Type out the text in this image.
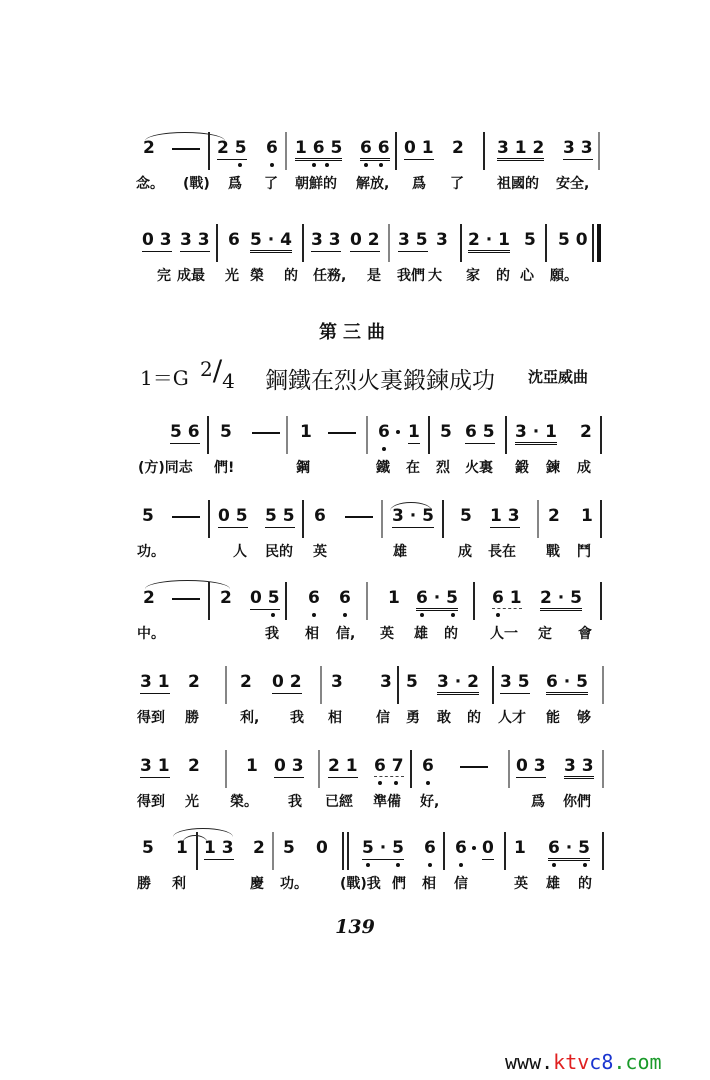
2	2 5 6 1 6 5 6 6 0 1 2 3 1 2 3 3
念。 (戰) 爲 了 朝鮮的 解放, 爲 了 祖國的 安全,
0 3 3 3 6 5 · 4 3 3 0 2 3 5 3 2 · 1 5 5 0
完 成最 光 榮 的 任務, 是 我們 大 家 的 心 願。
第三曲
1＝G 2/4 鋼鐵在烈火裏鍛鍊成功 沈亞威曲
5 6 5	1	6 1 5 6 5 3 · 1 2
(方)同志 們!	鋼	鐵 在 烈 火裏 鍛 鍊 成
5	0 5 5 5 6	3 · 5 5 1 3 2 1
功。	人 民的 英	雄	成 長在 戰 鬥
2	2 0 5 6 6 1 6 · 5 6 1 2 · 5
中。	我 相 信, 英 雄 的 人一 定 會
3 1 2 2 0 2 3 3 5 3 · 2 3 5 6 · 5
得到 勝	利, 我 相 信 勇 敢 的 人才 能 够
3 1 2	1 0 3 2 1 6 7 6	0 3 3 3
得到 光 榮。 我 已經 準備 好,	爲 你們
5 1 1 3 2 5 0 5 · 5 6 6 0 1 6 · 5
勝 利	慶 功。 (戰)我 們 相 信	英 雄 的
139
www.ktvc8.com
